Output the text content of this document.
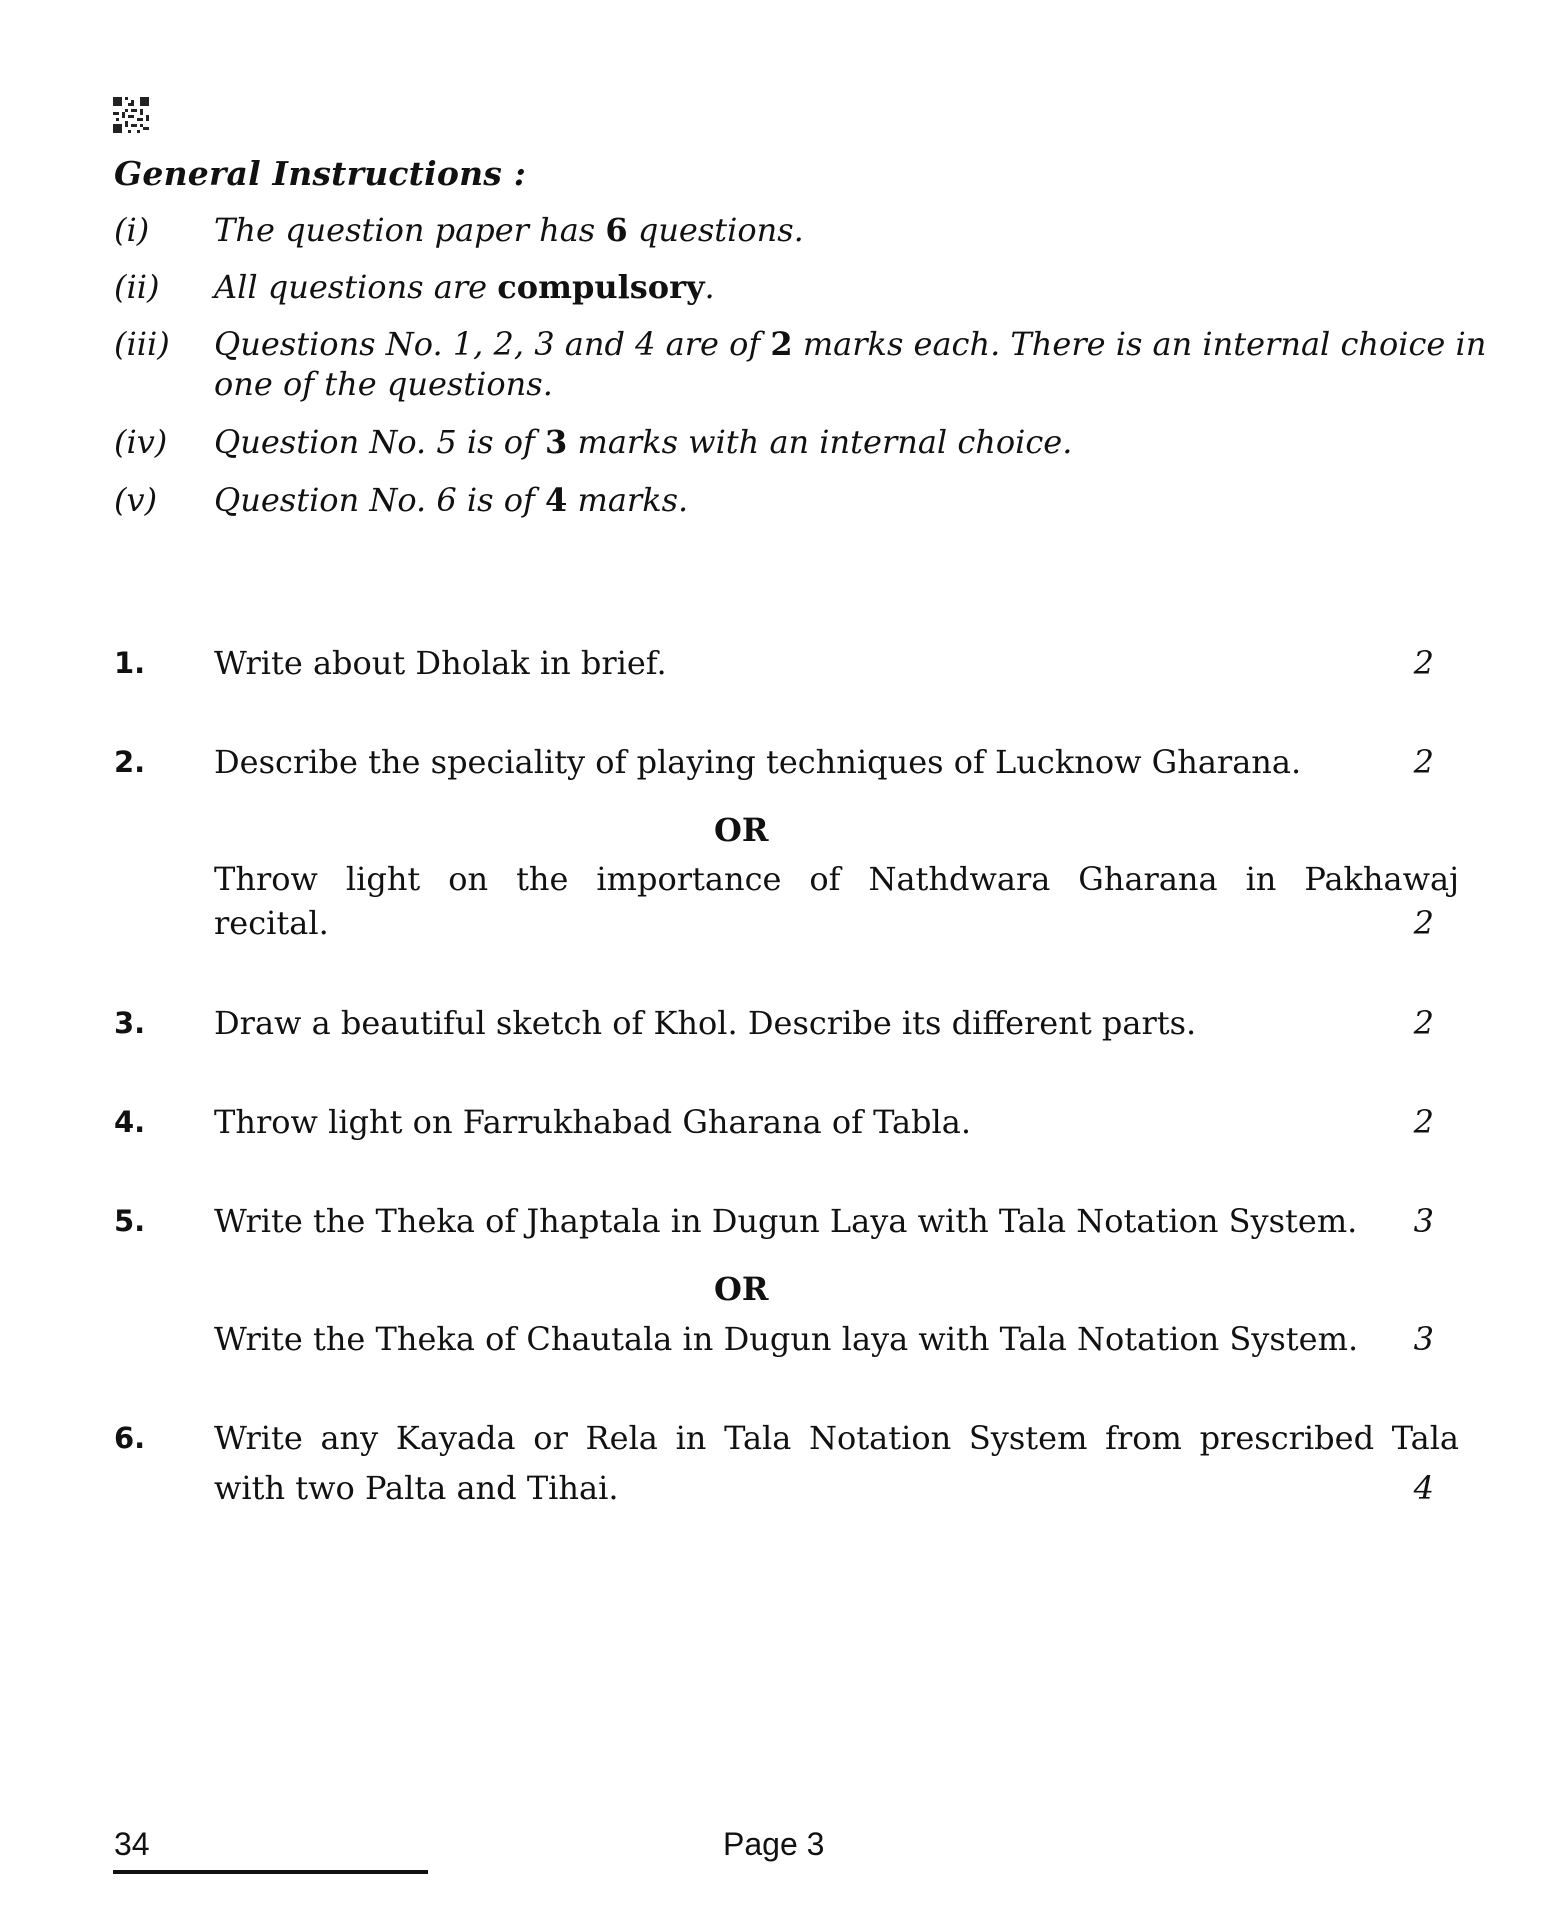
General Instructions :
(i) The question paper has 6 questions.
(ii) All questions are compulsory.
(iii) Questions No. 1, 2, 3 and 4 are of 2 marks each. There is an internal choice in one of the questions.
(iv) Question No. 5 is of 3 marks with an internal choice.
(v) Question No. 6 is of 4 marks.
1. Write about Dholak in brief.	2
2. Describe the speciality of playing techniques of Lucknow Gharana.	2
OR
Throw light on the importance of Nathdwara Gharana in Pakhawaj
recital.	2
3. Draw a beautiful sketch of Khol. Describe its different parts.	2
4. Throw light on Farrukhabad Gharana of Tabla.	2
5. Write the Theka of Jhaptala in Dugun Laya with Tala Notation System.	3
OR
Write the Theka of Chautala in Dugun laya with Tala Notation System.	3
6. Write any Kayada or Rela in Tala Notation System from prescribed Tala
with two Palta and Tihai.	4
34	Page 3
